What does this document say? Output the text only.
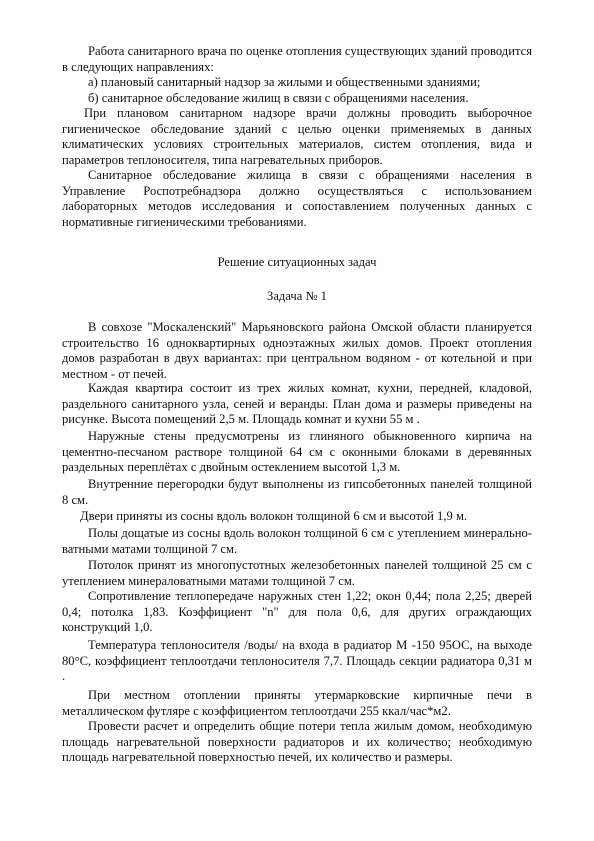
Работа санитарного врача по оценке отопления существующих зданий проводится в следующих направлениях:

а) плановый санитарный надзор за жилыми и общественными зданиями;

б) санитарное обследование жилищ в связи с обращениями населения.

При плановом санитарном надзоре врачи должны проводить выборочное гигиеническое обследование зданий с целью оценки применяемых в данных климатических условиях строительных материалов, систем отопления, вида и параметров теплоносителя, типа нагревательных приборов.

Санитарное обследование жилища в связи с обращениями населения в Управление Роспотребнадзора должно осуществляться с использованием лабораторных методов исследования и сопоставлением полученных данных с нормативные гигиеническими требованиями.

Решение ситуационных задач

Задача № 1

В совхозе "Москаленский" Марьяновского района Омской области планируется строительство 16 одноквартирных одноэтажных жилых домов. Проект отопления домов разработан в двух вариантах: при центральном водяном - от котельной и при местном - от печей.

Каждая квартира состоит из трех жилых комнат, кухни, передней, кладовой, раздельного санитарного узла, сеней и веранды. План дома и размеры приведены на рисунке. Высота помещений 2,5 м. Площадь комнат и кухни 55 м .

Наружные стены предусмотрены из глиняного обыкновенного кирпича на цементно-песчаном растворе толщиной 64 см с оконными блоками в деревянных раздельных переплётах с двойным остеклением высотой 1,3 м.

Внутренние перегородки будут выполнены из гипсобетонных панелей толщиной 8 см.

Двери приняты из сосны вдоль волокон толщиной 6 см и высотой 1,9 м.

Полы дощатые из сосны вдоль волокон толщиной 6 см с утеплением минерально-ватными матами толщиной 7 см.

Потолок принят из многопустотных железобетонных панелей толщиной 25 см с утеплением минераловатными матами толщиной 7 см.

Сопротивление теплопередаче наружных стен 1,22; окон 0,44; пола 2,25; дверей 0,4; потолка 1,83. Коэффициент "n" для пола 0,6, для других ограждающих конструкций 1,0.

Температура теплоносителя /воды/ на входа в радиатор М -150 95ОС, на выходе 80°С, коэффициент теплоотдачи теплоносителя 7,7. Площадь секции радиатора 0,31 м .

При местном отоплении приняты утермарковские кирпичные печи в металлическом футляре с коэффициентом теплоотдачи 255 ккал/час*м2.

Провести расчет и определить общие потери тепла жилым домом, необходимую площадь нагревательной поверхности радиаторов и их количество; необходимую площадь нагревательной поверхностью печей, их количество и размеры.
